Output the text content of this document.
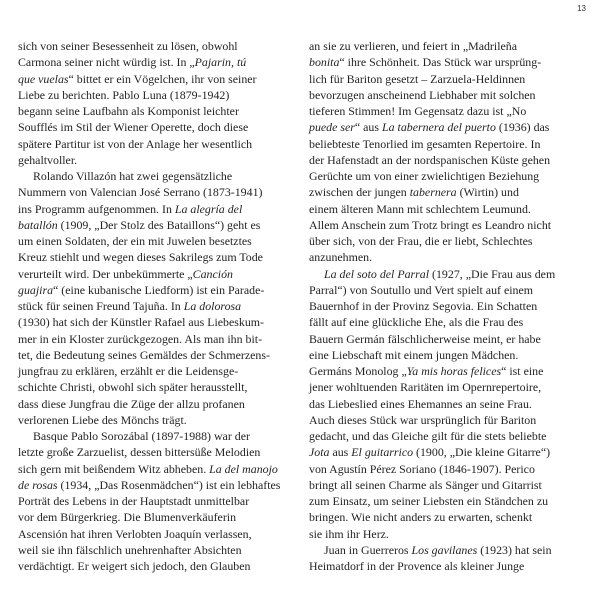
13
sich von seiner Besessenheit zu lösen, obwohl
Carmona seiner nicht würdig ist. In „Pajarin, tú
que vuelas“ bittet er ein Vögelchen, ihr von seiner
Liebe zu berichten. Pablo Luna (1879-1942)
begann seine Laufbahn als Komponist leichter
Soufflés im Stil der Wiener Operette, doch diese
spätere Partitur ist von der Anlage her wesentlich
gehaltvoller.
Rolando Villazón hat zwei gegensätzliche
Nummern von Valencian José Serrano (1873-1941)
ins Programm aufgenommen. In La alegría del
batallón (1909, „Der Stolz des Bataillons“) geht es
um einen Soldaten, der ein mit Juwelen besetztes
Kreuz stiehlt und wegen dieses Sakrilegs zum Tode
verurteilt wird. Der unbekümmerte „Canción
guajira“ (eine kubanische Liedform) ist ein Parade-
stück für seinen Freund Tajuña. In La dolorosa
(1930) hat sich der Künstler Rafael aus Liebeskum-
mer in ein Kloster zurückgezogen. Als man ihn bit-
tet, die Bedeutung seines Gemäldes der Schmerzens-
jungfrau zu erklären, erzählt er die Leidensge-
schichte Christi, obwohl sich später herausstellt,
dass diese Jungfrau die Züge der allzu profanen
verlorenen Liebe des Mönchs trägt.
Basque Pablo Sorozábal (1897-1988) war der
letzte große Zarzuelist, dessen bittersüße Melodien
sich gern mit beißendem Witz abheben. La del manojo
de rosas (1934, „Das Rosenmädchen“) ist ein lebhaftes
Porträt des Lebens in der Hauptstadt unmittelbar
vor dem Bürgerkrieg. Die Blumenverkäuferin
Ascensión hat ihren Verlobten Joaquín verlassen,
weil sie ihn fälschlich unehrenhafter Absichten
verdächtigt. Er weigert sich jedoch, den Glauben
an sie zu verlieren, und feiert in „Madrileña
bonita“ ihre Schönheit. Das Stück war ursprüng-
lich für Bariton gesetzt – Zarzuela-Heldinnen
bevorzugen anscheinend Liebhaber mit solchen
tieferen Stimmen! Im Gegensatz dazu ist „No
puede ser“ aus La tabernera del puerto (1936) das
beliebteste Tenorlied im gesamten Repertoire. In
der Hafenstadt an der nordspanischen Küste gehen
Gerüchte um von einer zwielichtigen Beziehung
zwischen der jungen tabernera (Wirtin) und
einem älteren Mann mit schlechtem Leumund.
Allem Anschein zum Trotz bringt es Leandro nicht
über sich, von der Frau, die er liebt, Schlechtes
anzunehmen.
La del soto del Parral (1927, „Die Frau aus dem
Parral“) von Soutullo und Vert spielt auf einem
Bauernhof in der Provinz Segovia. Ein Schatten
fällt auf eine glückliche Ehe, als die Frau des
Bauern Germán fälschlicherweise meint, er habe
eine Liebschaft mit einem jungen Mädchen.
Germáns Monolog „Ya mis horas felices“ ist eine
jener wohltuenden Raritäten im Opernrepertoire,
das Liebeslied eines Ehemannes an seine Frau.
Auch dieses Stück war ursprünglich für Bariton
gedacht, und das Gleiche gilt für die stets beliebte
Jota aus El guitarrico (1900, „Die kleine Gitarre“)
von Agustín Pérez Soriano (1846-1907). Perico
bringt all seinen Charme als Sänger und Gitarrist
zum Einsatz, um seiner Liebsten ein Ständchen zu
bringen. Wie nicht anders zu erwarten, schenkt
sie ihm ihr Herz.
Juan in Guerreros Los gavilanes (1923) hat sein
Heimatdorf in der Provence als kleiner Junge
